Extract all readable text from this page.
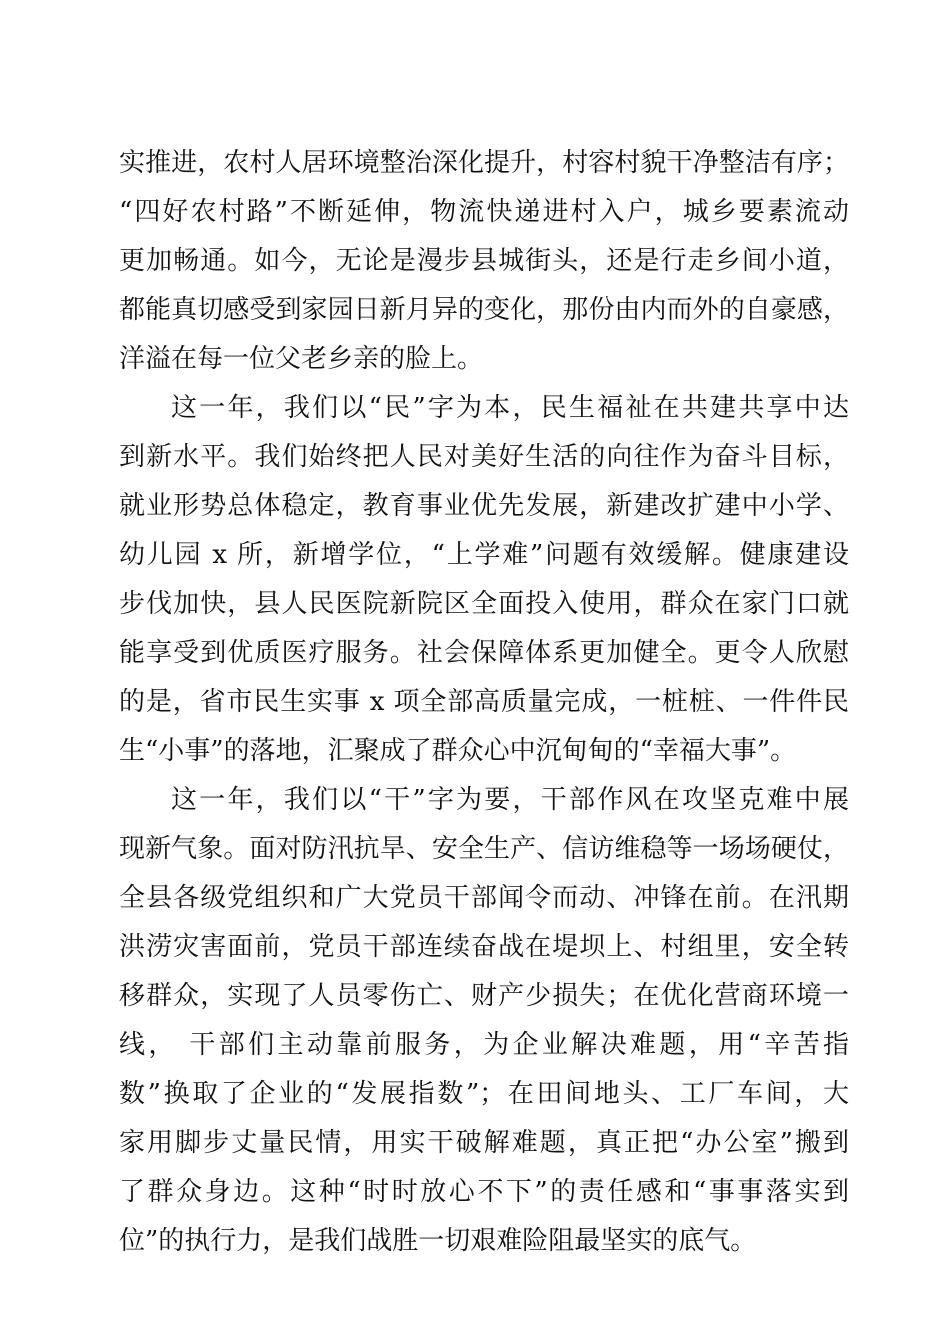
实推进，农村人居环境整治深化提升，村容村貌干净整洁有序；
“四好农村路”不断延伸，物流快递进村入户，城乡要素流动
更加畅通。如今，无论是漫步县城街头，还是行走乡间小道，
都能真切感受到家园日新月异的变化，那份由内而外的自豪感，
洋溢在每一位父老乡亲的脸上。
这一年，我们以“民”字为本，民生福祉在共建共享中达
到新水平。我们始终把人民对美好生活的向往作为奋斗目标，
就业形势总体稳定，教育事业优先发展，新建改扩建中小学、
幼儿园 x 所，新增学位，“上学难”问题有效缓解。健康建设
步伐加快，县人民医院新院区全面投入使用，群众在家门口就
能享受到优质医疗服务。社会保障体系更加健全。更令人欣慰
的是，省市民生实事 x 项全部高质量完成，一桩桩、一件件民
生“小事”的落地，汇聚成了群众心中沉甸甸的“幸福大事”。
这一年，我们以“干”字为要，干部作风在攻坚克难中展
现新气象。面对防汛抗旱、安全生产、信访维稳等一场场硬仗，
全县各级党组织和广大党员干部闻令而动、冲锋在前。在汛期
洪涝灾害面前，党员干部连续奋战在堤坝上、村组里，安全转
移群众，实现了人员零伤亡、财产少损失；在优化营商环境一
线， 干部们主动靠前服务，为企业解决难题，用“辛苦指
数”换取了企业的“发展指数”；在田间地头、工厂车间，大
家用脚步丈量民情，用实干破解难题，真正把“办公室”搬到
了群众身边。这种“时时放心不下”的责任感和“事事落实到
位”的执行力，是我们战胜一切艰难险阻最坚实的底气。
